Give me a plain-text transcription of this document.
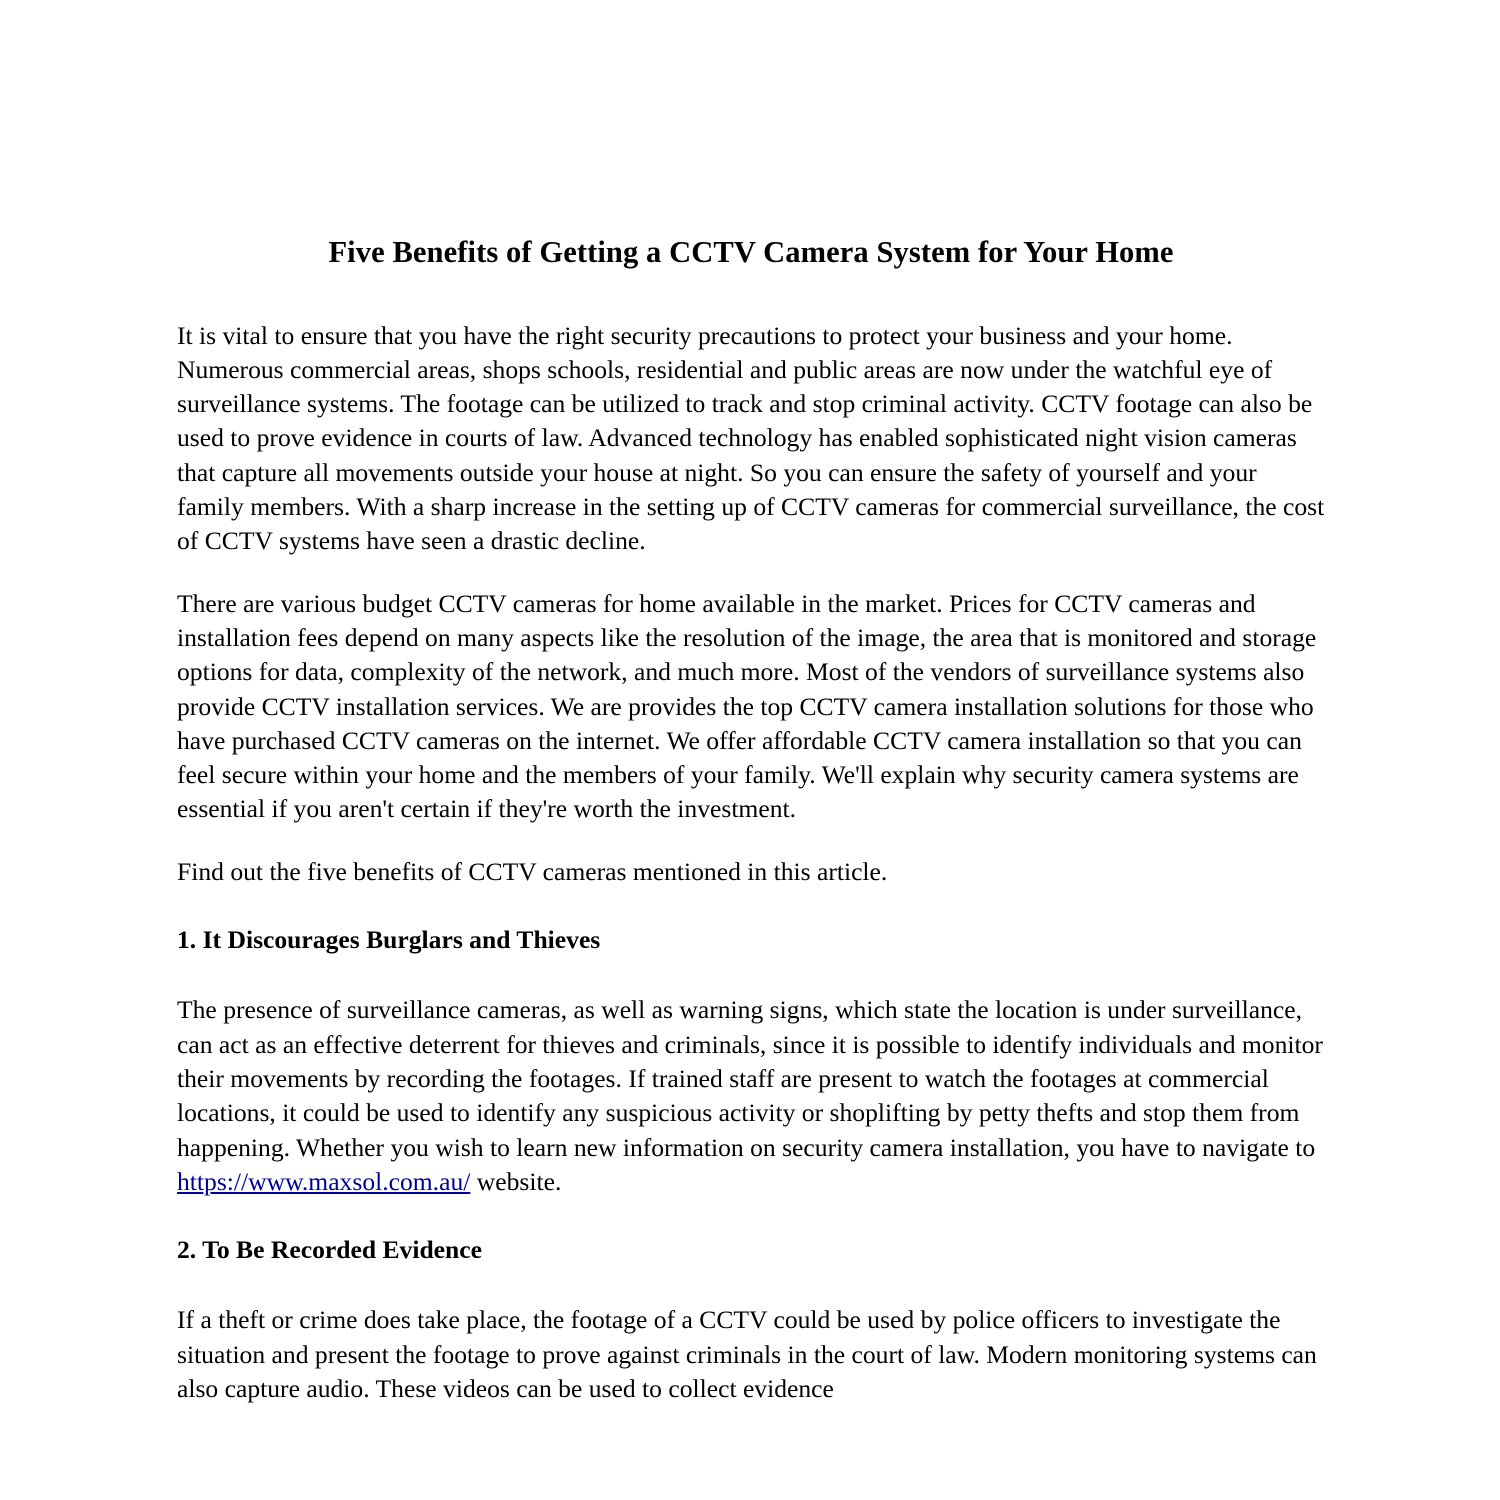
Five Benefits of Getting a CCTV Camera System for Your Home

It is vital to ensure that you have the right security precautions to protect your business and your home. Numerous commercial areas, shops schools, residential and public areas are now under the watchful eye of surveillance systems. The footage can be utilized to track and stop criminal activity. CCTV footage can also be used to prove evidence in courts of law. Advanced technology has enabled sophisticated night vision cameras that capture all movements outside your house at night. So you can ensure the safety of yourself and your family members. With a sharp increase in the setting up of CCTV cameras for commercial surveillance, the cost of CCTV systems have seen a drastic decline.

There are various budget CCTV cameras for home available in the market. Prices for CCTV cameras and installation fees depend on many aspects like the resolution of the image, the area that is monitored and storage options for data, complexity of the network, and much more. Most of the vendors of surveillance systems also provide CCTV installation services. We are provides the top CCTV camera installation solutions for those who have purchased CCTV cameras on the internet. We offer affordable CCTV camera installation so that you can feel secure within your home and the members of your family. We'll explain why security camera systems are essential if you aren't certain if they're worth the investment.

Find out the five benefits of CCTV cameras mentioned in this article.

1. It Discourages Burglars and Thieves

The presence of surveillance cameras, as well as warning signs, which state the location is under surveillance, can act as an effective deterrent for thieves and criminals, since it is possible to identify individuals and monitor their movements by recording the footages. If trained staff are present to watch the footages at commercial locations, it could be used to identify any suspicious activity or shoplifting by petty thefts and stop them from happening. Whether you wish to learn new information on security camera installation, you have to navigate to https://www.maxsol.com.au/ website.

2. To Be Recorded Evidence

If a theft or crime does take place, the footage of a CCTV could be used by police officers to investigate the situation and present the footage to prove against criminals in the court of law. Modern monitoring systems can also capture audio. These videos can be used to collect evidence
